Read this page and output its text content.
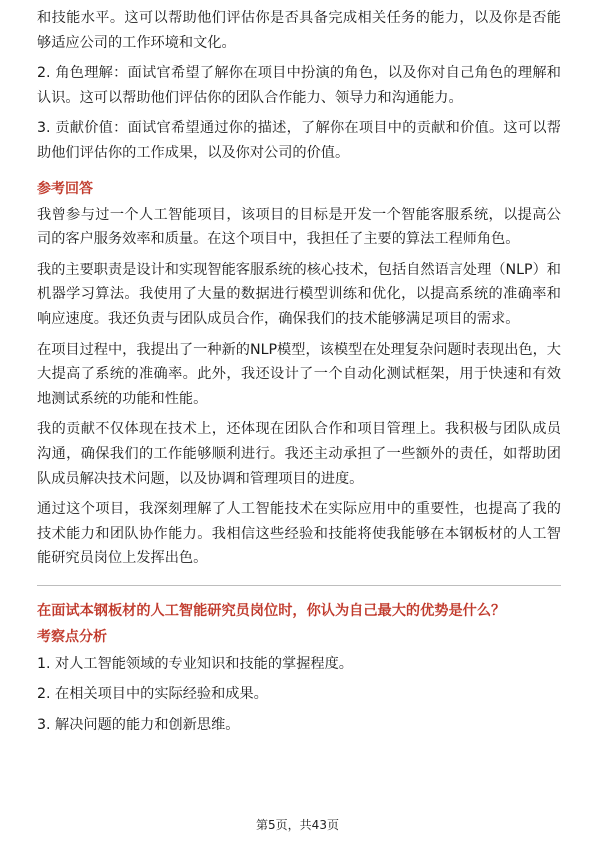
和技能水平。这可以帮助他们评估你是否具备完成相关任务的能力，以及你是否能够适应公司的工作环境和文化。

2. 角色理解：面试官希望了解你在项目中扮演的角色，以及你对自己角色的理解和认识。这可以帮助他们评估你的团队合作能力、领导力和沟通能力。

3. 贡献价值：面试官希望通过你的描述，了解你在项目中的贡献和价值。这可以帮助他们评估你的工作成果，以及你对公司的价值。

参考回答

我曾参与过一个人工智能项目，该项目的目标是开发一个智能客服系统，以提高公司的客户服务效率和质量。在这个项目中，我担任了主要的算法工程师角色。

我的主要职责是设计和实现智能客服系统的核心技术，包括自然语言处理（NLP）和机器学习算法。我使用了大量的数据进行模型训练和优化，以提高系统的准确率和响应速度。我还负责与团队成员合作，确保我们的技术能够满足项目的需求。

在项目过程中，我提出了一种新的NLP模型，该模型在处理复杂问题时表现出色，大大提高了系统的准确率。此外，我还设计了一个自动化测试框架，用于快速和有效地测试系统的功能和性能。

我的贡献不仅体现在技术上，还体现在团队合作和项目管理上。我积极与团队成员沟通，确保我们的工作能够顺利进行。我还主动承担了一些额外的责任，如帮助团队成员解决技术问题，以及协调和管理项目的进度。

通过这个项目，我深刻理解了人工智能技术在实际应用中的重要性，也提高了我的技术能力和团队协作能力。我相信这些经验和技能将使我能够在本钢板材的人工智能研究员岗位上发挥出色。

在面试本钢板材的人工智能研究员岗位时，你认为自己最大的优势是什么？

考察点分析

1. 对人工智能领域的专业知识和技能的掌握程度。

2. 在相关项目中的实际经验和成果。

3. 解决问题的能力和创新思维。

第5页，共43页
